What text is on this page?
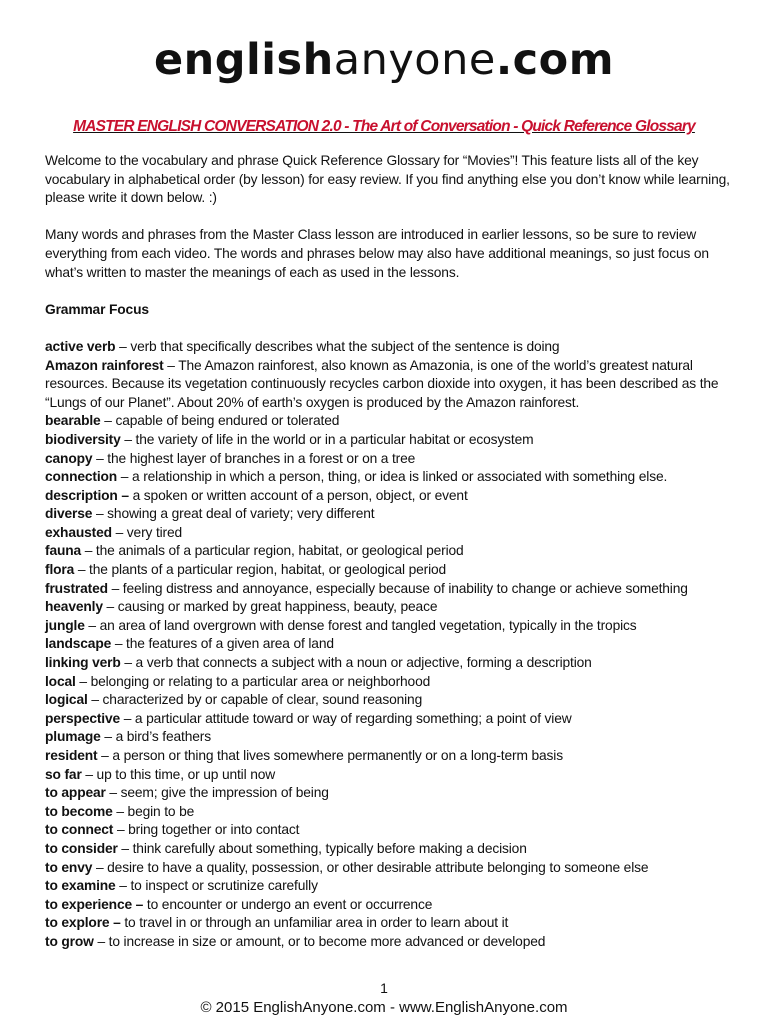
englishanyone.com
MASTER ENGLISH CONVERSATION 2.0 - The Art of Conversation - Quick Reference Glossary

Welcome to the vocabulary and phrase Quick Reference Glossary for “Movies”! This feature lists all of the key vocabulary in alphabetical order (by lesson) for easy review. If you find anything else you don’t know while learning, please write it down below. :)

Many words and phrases from the Master Class lesson are introduced in earlier lessons, so be sure to review everything from each video. The words and phrases below may also have additional meanings, so just focus on what’s written to master the meanings of each as used in the lessons.

Grammar Focus

active verb – verb that specifically describes what the subject of the sentence is doing

Amazon rainforest – The Amazon rainforest, also known as Amazonia, is one of the world’s greatest natural resources. Because its vegetation continuously recycles carbon dioxide into oxygen, it has been described as the “Lungs of our Planet”. About 20% of earth’s oxygen is produced by the Amazon rainforest.

bearable – capable of being endured or tolerated

biodiversity – the variety of life in the world or in a particular habitat or ecosystem

canopy – the highest layer of branches in a forest or on a tree

connection – a relationship in which a person, thing, or idea is linked or associated with something else.

description – a spoken or written account of a person, object, or event

diverse – showing a great deal of variety; very different

exhausted – very tired

fauna – the animals of a particular region, habitat, or geological period

flora – the plants of a particular region, habitat, or geological period

frustrated – feeling distress and annoyance, especially because of inability to change or achieve something

heavenly – causing or marked by great happiness, beauty, peace

jungle – an area of land overgrown with dense forest and tangled vegetation, typically in the tropics

landscape – the features of a given area of land

linking verb – a verb that connects a subject with a noun or adjective, forming a description

local – belonging or relating to a particular area or neighborhood

logical – characterized by or capable of clear, sound reasoning

perspective – a particular attitude toward or way of regarding something; a point of view

plumage – a bird’s feathers

resident – a person or thing that lives somewhere permanently or on a long-term basis

so far – up to this time, or up until now

to appear – seem; give the impression of being

to become – begin to be

to connect – bring together or into contact

to consider – think carefully about something, typically before making a decision

to envy – desire to have a quality, possession, or other desirable attribute belonging to someone else

to examine – to inspect or scrutinize carefully

to experience – to encounter or undergo an event or occurrence

to explore – to travel in or through an unfamiliar area in order to learn about it

to grow – to increase in size or amount, or to become more advanced or developed

1
© 2015 EnglishAnyone.com - www.EnglishAnyone.com
